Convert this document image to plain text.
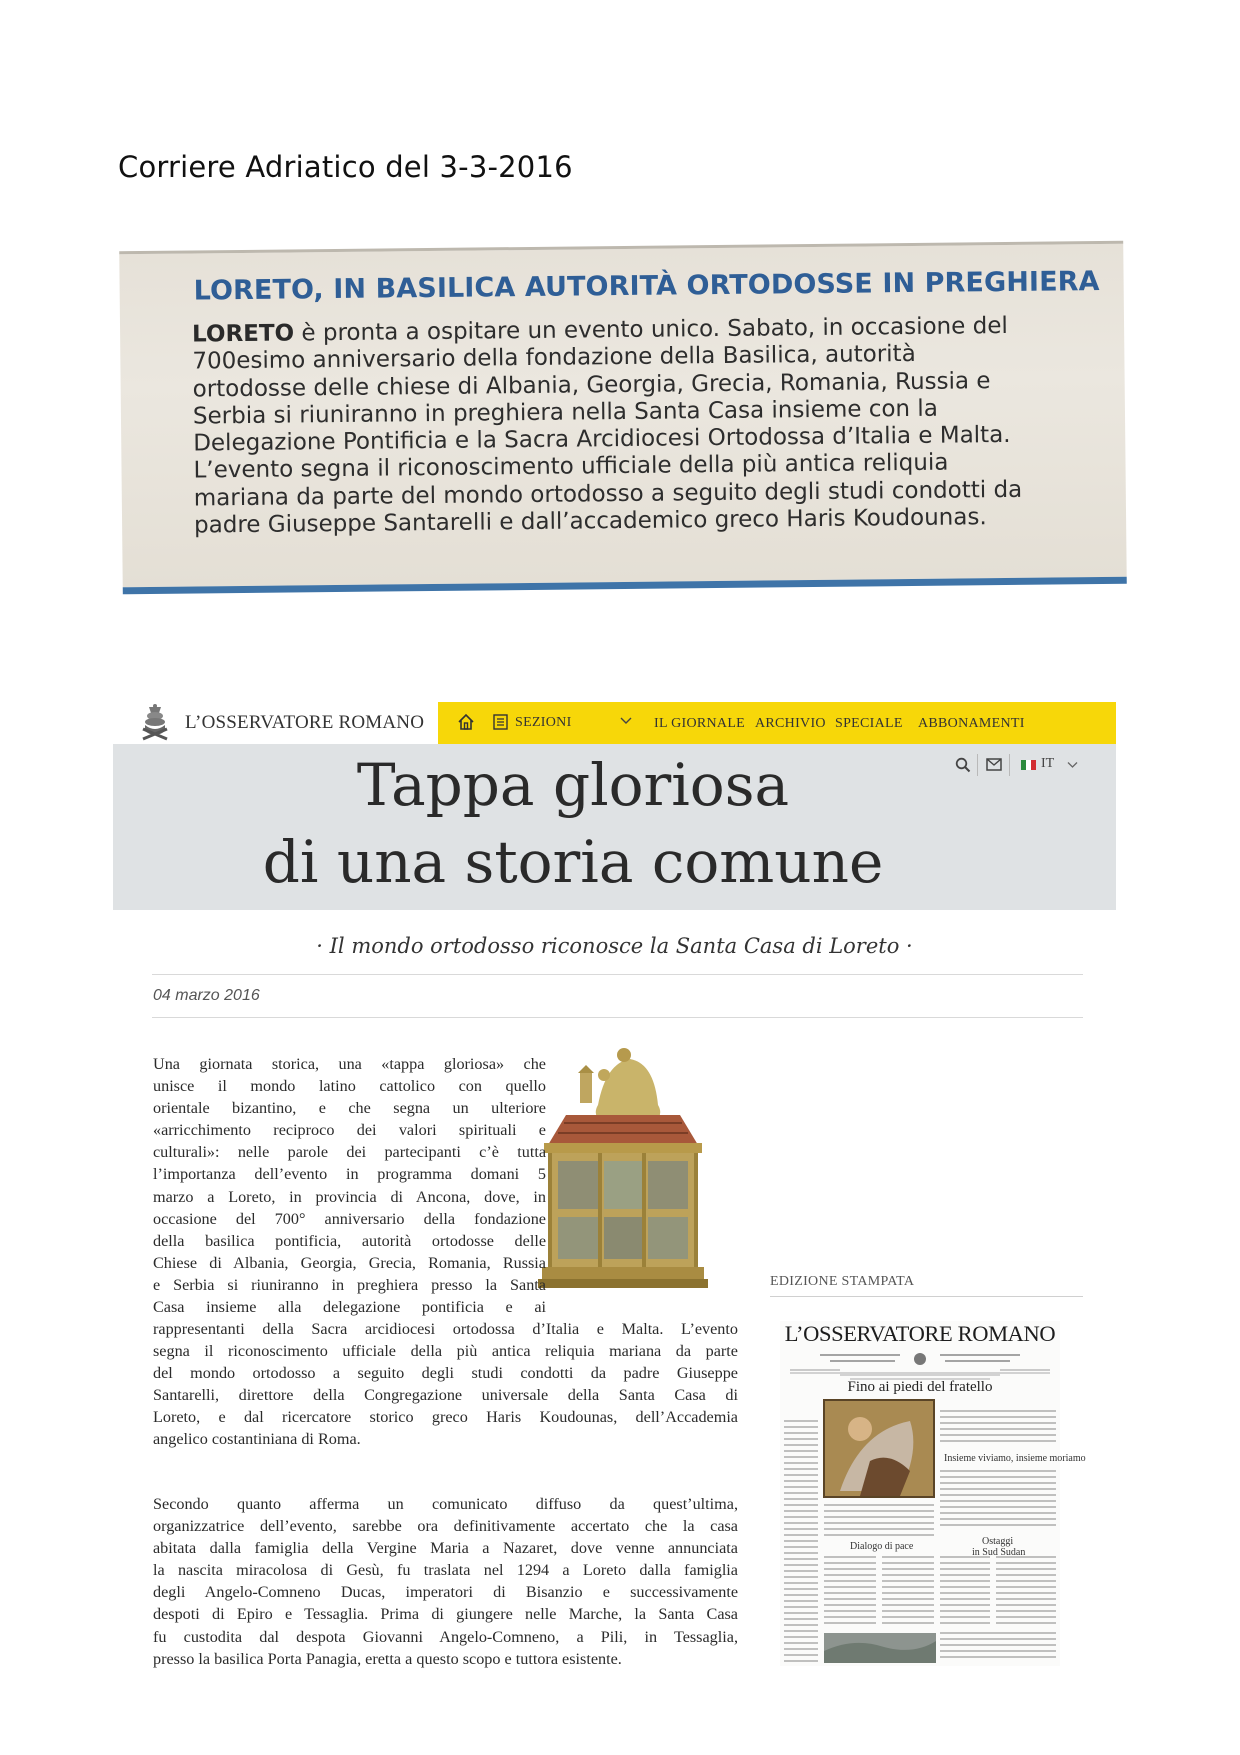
Corriere Adriatico del 3-3-2016
LORETO, IN BASILICA AUTORITÀ ORTODOSSE IN PREGHIERA

LORETO è pronta a ospitare un evento unico. Sabato, in occasione del

700esimo anniversario della fondazione della Basilica, autorità

ortodosse delle chiese di Albania, Georgia, Grecia, Romania, Russia e

Serbia si riuniranno in preghiera nella Santa Casa insieme con la

Delegazione Pontificia e la Sacra Arcidiocesi Ortodossa d’Italia e Malta.

L’evento segna il riconoscimento ufficiale della più antica reliquia

mariana da parte del mondo ortodosso a seguito degli studi condotti da

padre Giuseppe Santarelli e dall’accademico greco Haris Koudounas.

L’OSSERVATORE ROMANO	SEZIONI	IL GIORNALE ARCHIVIO SPECIALE ABBONAMENTI
Tappa gloriosa
di una storia comune
IT
· Il mondo ortodosso riconosce la Santa Casa di Loreto ·
04 marzo 2016
Una giornata storica, una «tappa gloriosa» che
unisce il mondo latino cattolico con quello
orientale bizantino, e che segna un ulteriore
«arricchimento reciproco dei valori spirituali e
culturali»: nelle parole dei partecipanti c’è tutta
l’importanza dell’evento in programma domani 5
marzo a Loreto, in provincia di Ancona, dove, in
occasione del 700° anniversario della fondazione
della basilica pontificia, autorità ortodosse delle
Chiese di Albania, Georgia, Grecia, Romania, Russia
e Serbia si riuniranno in preghiera presso la Santa
Casa insieme alla delegazione pontificia e ai
rappresentanti della Sacra arcidiocesi ortodossa d’Italia e Malta. L’evento
segna il riconoscimento ufficiale della più antica reliquia mariana da parte
del mondo ortodosso a seguito degli studi condotti da padre Giuseppe
Santarelli, direttore della Congregazione universale della Santa Casa di
Loreto, e dal ricercatore storico greco Haris Koudounas, dell’Accademia
angelico costantiniana di Roma.
Secondo quanto afferma un comunicato diffuso da quest’ultima,
organizzatrice dell’evento, sarebbe ora definitivamente accertato che la casa
abitata dalla famiglia della Vergine Maria a Nazaret, dove venne annunciata
la nascita miracolosa di Gesù, fu traslata nel 1294 a Loreto dalla famiglia
degli Angelo-Comneno Ducas, imperatori di Bisanzio e successivamente
despoti di Epiro e Tessaglia. Prima di giungere nelle Marche, la Santa Casa
fu custodita dal despota Giovanni Angelo-Comneno, a Pili, in Tessaglia,
presso la basilica Porta Panagia, eretta a questo scopo e tuttora esistente.
EDIZIONE STAMPATA
L’OSSERVATORE ROMANO
Fino ai piedi del fratello
Insieme viviamo, insieme moriamo
Dialogo di pace	Ostaggi
in Sud Sudan
